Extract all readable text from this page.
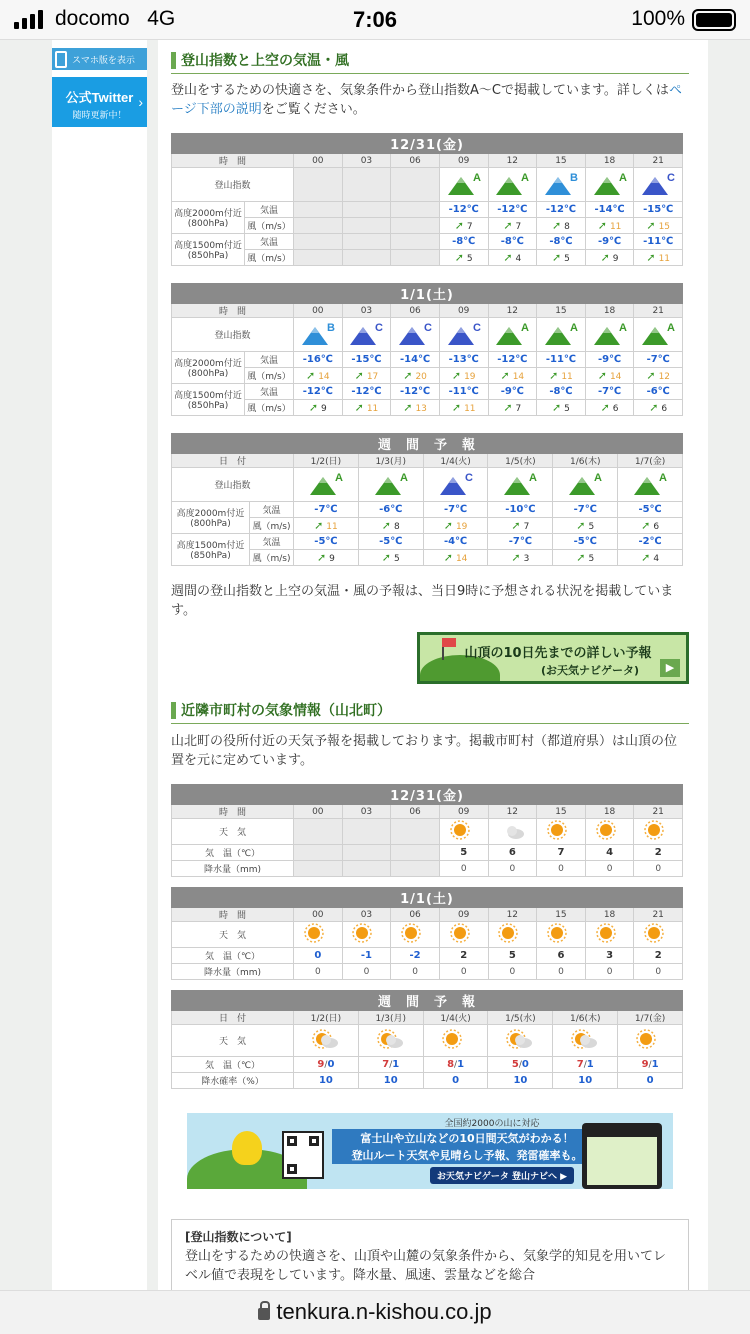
docomo 4G	7:06	100%
スマホ版を表示
公式Twitter
随時更新中！
›
登山指数と上空の気温・風
登山をするための快適さを、気象条件から登山指数A〜Cで掲載しています。詳しくはページ下部の説明をご覧ください。
12/31(金)									
時　間		00	03	06	09	12	15	18	21
登山指数					A	A	B	A	C

高度2000m付近
(800hPa)	気温				-12℃	-12℃	-12℃	-14℃	-15℃
	風（m/s）				➚ 7	➚ 7	➚ 8	➚ 11	➚ 15
高度1500m付近
(850hPa)	気温				-8℃	-8℃	-8℃	-9℃	-11℃
	風（m/s）				➚ 5	➚ 4	➚ 5	➚ 9	➚ 11
1/1(土)									
時　間		00	03	06	09	12	15	18	21
登山指数		B	C	C	C	A	A	A	A

高度2000m付近
(800hPa)	気温	-16℃	-15℃	-14℃	-13℃	-12℃	-11℃	-9℃	-7℃
	風（m/s）	➚ 14	➚ 17	➚ 20	➚ 19	➚ 14	➚ 11	➚ 14	➚ 12
高度1500m付近
(850hPa)	気温	-12℃	-12℃	-12℃	-11℃	-9℃	-8℃	-7℃	-6℃
	風（m/s）	➚ 9	➚ 11	➚ 13	➚ 11	➚ 7	➚ 5	➚ 6	➚ 6
週　間　予　報							
日　付		1/2(日)	1/3(月)	1/4(火)	1/5(水)	1/6(木)	1/7(金)
登山指数		A	A	C	A	A	A

高度2000m付近
(800hPa)	気温	-7℃	-6℃	-7℃	-10℃	-7℃	-5℃
	風（m/s)	➚ 11	➚ 8	➚ 19	➚ 7	➚ 5	➚ 6
高度1500m付近
(850hPa)	気温	-5℃	-5℃	-4℃	-7℃	-5℃	-2℃
	風（m/s)	➚ 9	➚ 5	➚ 14	➚ 3	➚ 5	➚ 4
週間の登山指数と上空の気温・風の予報は、当日9時に予想される状況を掲載しています。
山頂の10日先までの詳しい予報
(お天気ナビゲータ)	▶
近隣市町村の気象情報（山北町）
山北町の役所付近の天気予報を掲載しております。掲載市町村（都道府県）は山頂の位置を元に定めています。
12/31(金)								
時　間	00	03	06	09	12	15	18	21
天　気								
気　温（℃）				5	6	7	4	2
降水量（mm)				0	0	0	0	0
1/1(土)								
時　間	00	03	06	09	12	15	18	21
天　気								
気　温（℃）	0	-1	-2	2	5	6	3	2
降水量（mm)	0	0	0	0	0	0	0	0
週　間　予　報						
日　付	1/2(日)	1/3(月)	1/4(火)	1/5(水)	1/6(木)	1/7(金)
天　気						
気　温（℃）	9/0	7/1	8/1	5/0	7/1	9/1
降水確率（%）	10	10	0	10	10	0
全国約2000の山に対応
富士山や立山などの10日間天気がわかる！
登山ルート天気や見晴らし予報、発雷確率も。
お天気ナビゲータ 登山ナビへ ▶
[登山指数について]
登山をするための快適さを、山頂や山麓の気象条件から、気象学的知見を用いてレベル値で表現をしています。降水量、風速、雲量などを総合
tenkura.n-kishou.co.jp
